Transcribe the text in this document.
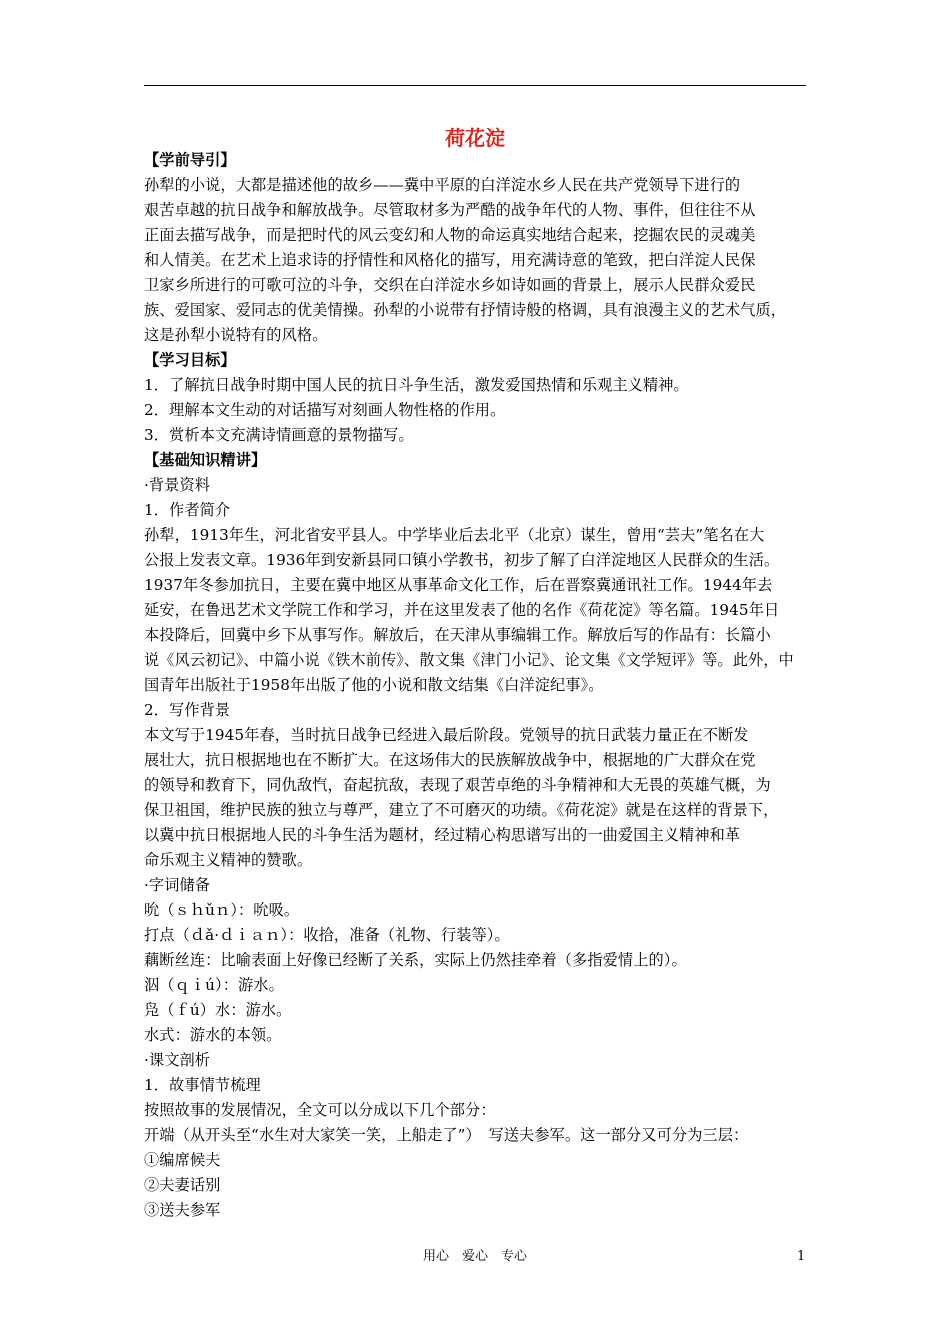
荷花淀
【学前导引】
孙犁的小说，大都是描述他的故乡——冀中平原的白洋淀水乡人民在共产党领导下进行的
艰苦卓越的抗日战争和解放战争。尽管取材多为严酷的战争年代的人物、事件，但往往不从
正面去描写战争，而是把时代的风云变幻和人物的命运真实地结合起来，挖掘农民的灵魂美
和人情美。在艺术上追求诗的抒情性和风格化的描写，用充满诗意的笔致，把白洋淀人民保
卫家乡所进行的可歌可泣的斗争，交织在白洋淀水乡如诗如画的背景上，展示人民群众爱民
族、爱国家、爱同志的优美情操。孙犁的小说带有抒情诗般的格调，具有浪漫主义的艺术气质，
这是孙犁小说特有的风格。
【学习目标】
1．了解抗日战争时期中国人民的抗日斗争生活，激发爱国热情和乐观主义精神。
2．理解本文生动的对话描写对刻画人物性格的作用。
3．赏析本文充满诗情画意的景物描写。
【基础知识精讲】
·背景资料
1．作者简介
孙犁，1913年生，河北省安平县人。中学毕业后去北平（北京）谋生，曾用“芸夫”笔名在大
公报上发表文章。1936年到安新县同口镇小学教书，初步了解了白洋淀地区人民群众的生活。
1937年冬参加抗日，主要在冀中地区从事革命文化工作，后在晋察冀通讯社工作。1944年去
延安，在鲁迅艺术文学院工作和学习，并在这里发表了他的名作《荷花淀》等名篇。1945年日
本投降后，回冀中乡下从事写作。解放后，在天津从事编辑工作。解放后写的作品有：长篇小
说《风云初记》、中篇小说《铁木前传》、散文集《津门小记》、论文集《文学短评》等。此外，中
国青年出版社于1958年出版了他的小说和散文结集《白洋淀纪事》。
2．写作背景
本文写于1945年春，当时抗日战争已经进入最后阶段。党领导的抗日武装力量正在不断发
展壮大，抗日根据地也在不断扩大。在这场伟大的民族解放战争中，根据地的广大群众在党
的领导和教育下，同仇敌忾，奋起抗敌，表现了艰苦卓绝的斗争精神和大无畏的英雄气概，为
保卫祖国，维护民族的独立与尊严，建立了不可磨灭的功绩。《荷花淀》就是在这样的背景下，
以冀中抗日根据地人民的斗争生活为题材，经过精心构思谱写出的一曲爱国主义精神和革
命乐观主义精神的赞歌。
·字词储备
吮（ｓｈǔｎ）：吮吸。
打点（ｄǎ·ｄｉａｎ）：收拾，准备（礼物、行装等）。
藕断丝连：比喻表面上好像已经断了关系，实际上仍然挂牵着（多指爱情上的）。
泅（ｑｉú）：游水。
凫（ｆú）水：游水。
水式：游水的本领。
·课文剖析
1．故事情节梳理
按照故事的发展情况，全文可以分成以下几个部分：
开端（从开头至“水生对大家笑一笑，上船走了”）　写送夫参军。这一部分又可分为三层：
①编席候夫
②夫妻话别
③送夫参军
用心　爱心　专心	1
